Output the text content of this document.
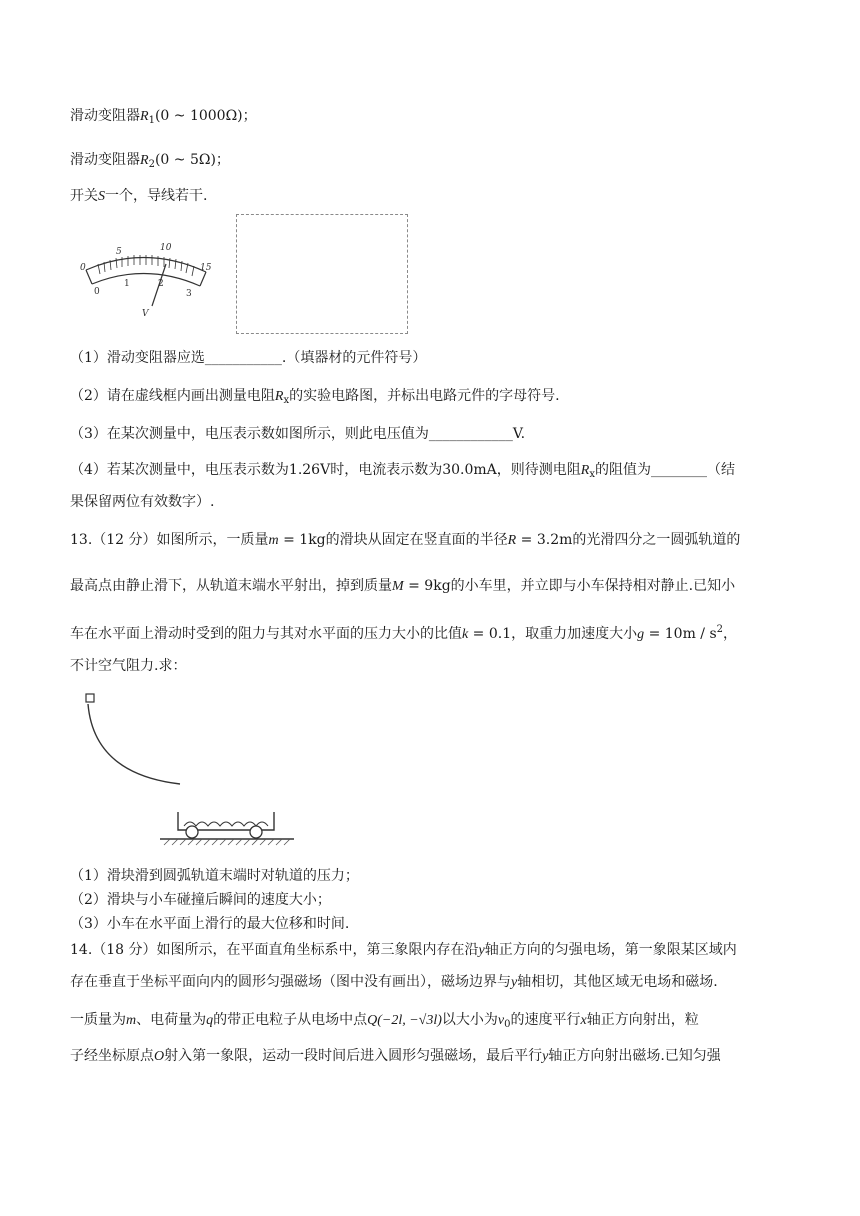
滑动变阻器$R_1(0$ ~ 1000Ω)；
滑动变阻器$R_2(0$ ~ 5Ω)；
开关S一个，导线若干.
0
5	10
15
0
1	2
3
V
（1）滑动变阻器应选___________.（填器材的元件符号）
（2）请在虚线框内画出测量电阻$R_x$的实验电路图，并标出电路元件的字母符号.
（3）在某次测量中，电压表示数如图所示，则此电压值为____________V.
（4）若某次测量中，电压表示数为1.26V时，电流表示数为30.0mA，则待测电阻$R_x$的阻值为________（结
果保留两位有效数字）.
13.（12 分）如图所示，一质量m = 1kg的滑块从固定在竖直面的半径R = 3.2m的光滑四分之一圆弧轨道的
最高点由静止滑下，从轨道末端水平射出，掉到质量M = 9kg的小车里，并立即与小车保持相对静止.已知小
车在水平面上滑动时受到的阻力与其对水平面的压力大小的比值k = 0.1，取重力加速度大小$g = 10m / s^2$，
不计空气阻力.求：
（1）滑块滑到圆弧轨道末端时对轨道的压力；
（2）滑块与小车碰撞后瞬间的速度大小；
（3）小车在水平面上滑行的最大位移和时间.
14.（18 分）如图所示，在平面直角坐标系中，第三象限内存在沿y轴正方向的匀强电场，第一象限某区域内
存在垂直于坐标平面向内的圆形匀强磁场（图中没有画出），磁场边界与y轴相切，其他区域无电场和磁场.
一质量为m、电荷量为q的带正电粒子从电场中点Q(−2l, −√3l)以大小为$v_0$的速度平行x轴正方向射出，粒
子经坐标原点O射入第一象限，运动一段时间后进入圆形匀强磁场，最后平行y轴正方向射出磁场.已知匀强
